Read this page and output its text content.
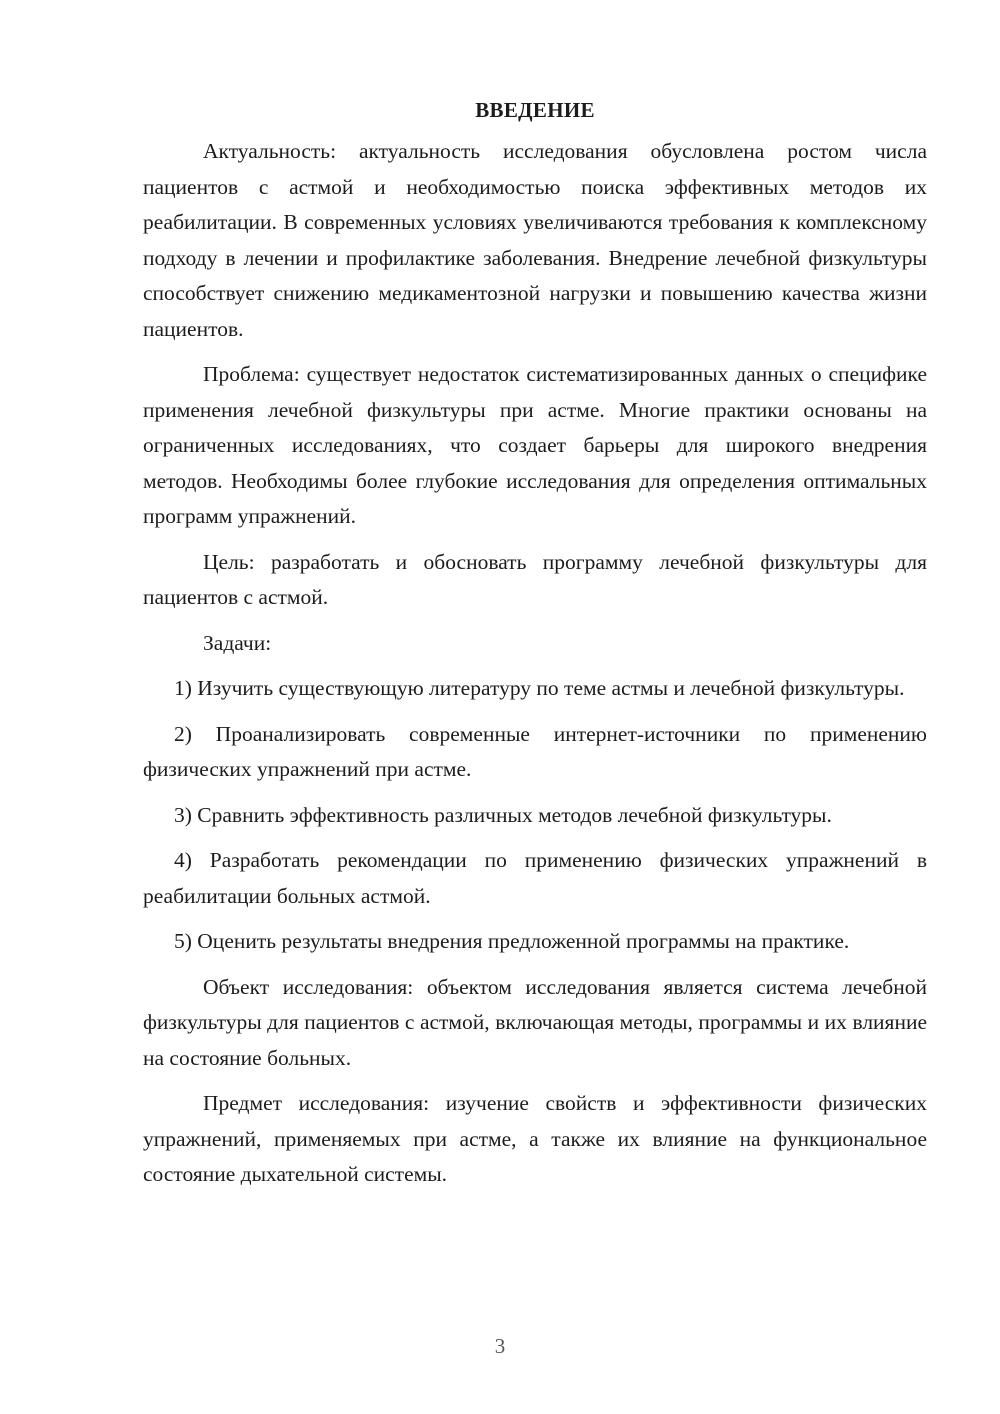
ВВЕДЕНИЕ

Актуальность: актуальность исследования обусловлена ростом числа пациентов с астмой и необходимостью поиска эффективных методов их реабилитации. В современных условиях увеличиваются требования к комплексному подходу в лечении и профилактике заболевания. Внедрение лечебной физкультуры способствует снижению медикаментозной нагрузки и повышению качества жизни пациентов.

Проблема: существует недостаток систематизированных данных о специфике применения лечебной физкультуры при астме. Многие практики основаны на ограниченных исследованиях, что создает барьеры для широкого внедрения методов. Необходимы более глубокие исследования для определения оптимальных программ упражнений.

Цель: разработать и обосновать программу лечебной физкультуры для пациентов с астмой.

Задачи:

1) Изучить существующую литературу по теме астмы и лечебной физкультуры.

2) Проанализировать современные интернет-источники по применению физических упражнений при астме.

3) Сравнить эффективность различных методов лечебной физкультуры.

4) Разработать рекомендации по применению физических упражнений в реабилитации больных астмой.

5) Оценить результаты внедрения предложенной программы на практике.

Объект исследования: объектом исследования является система лечебной физкультуры для пациентов с астмой, включающая методы, программы и их влияние на состояние больных.

Предмет исследования: изучение свойств и эффективности физических упражнений, применяемых при астме, а также их влияние на функциональное состояние дыхательной системы.

3
